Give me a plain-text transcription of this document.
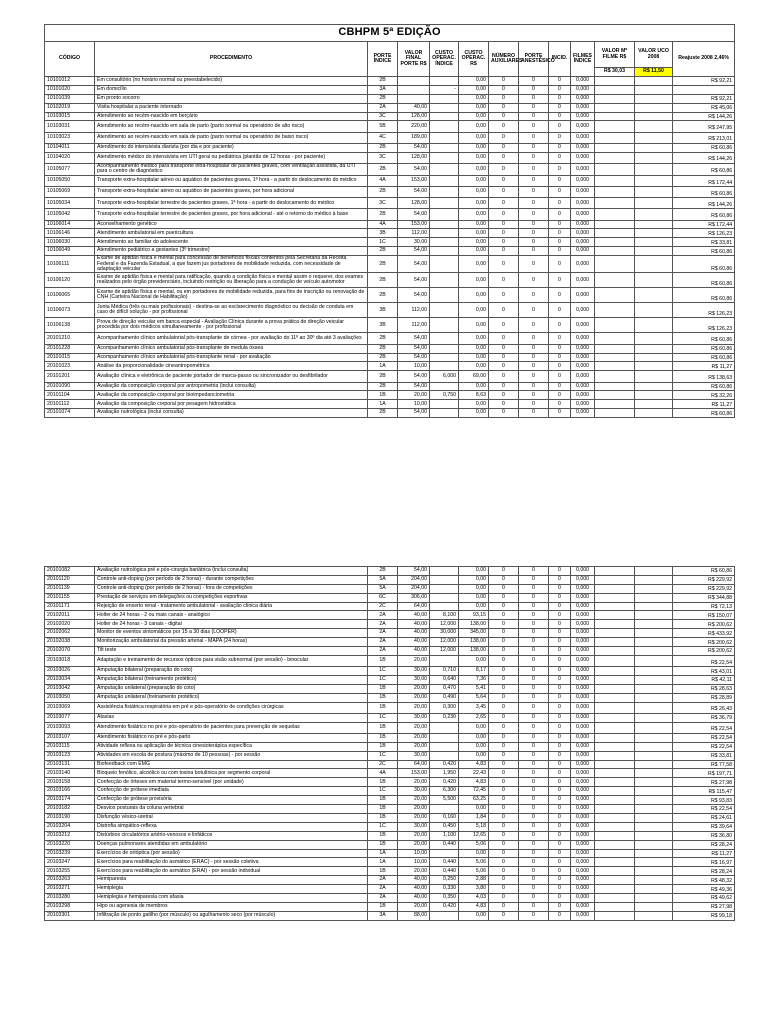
CBHPM 5ª EDIÇÃO												
CÓDIGO	PROCEDIMENTO	PORTE ÍNDICE	VALOR FINAL PORTE R$	CUSTO OPERAC. ÍNDICE	CUSTO OPERAC. R$	NÚMERO AUXILIARES	PORTE ANESTÉSICO	INCID.	FILMES ÍNDICE	VALOR Mº FILME R$	VALOR UCO 2008	Reajuste 2008 2,46%
										R$ 30,03	R$ 11,50	
10101012	Em consultório (no horário normal ou preestabelecido)	2B			0,00	0	0	0	0,000			R$ 92,21
10101020	Em domicílio	3A		-	0,00	0	0	0	0,000			
10101039	Em pronto socorro	2B			0,00	0	0	0	0,000			R$ 92,21
10102019	Visita hospitalar a paciente internado	2A	40,00		0,00	0	0	0	0,000			R$ 45,06
10103015	Atendimento ao recém-nascido em berçário	3C	128,00		0,00	0	0	0	0,000			R$ 144,26
10103031	Atendimento ao recém-nascido em sala de parto (parto normal ou operatório de alto risco)	5B	220,00		0,00	0	0	0	0,000			R$ 247,95
10103023	Atendimento ao recém-nascido em sala de parto (parto normal ou operatório de baixo risco)	4C	189,00		0,00	0	0	0	0,000			R$ 213,01
10104011	Atendimento do intensivista diarista (por dia e por paciente)	2B	54,00		0,00	0	0	0	0,000			R$ 60,86
10104020	Atendimento médico do intensivista em UTI geral ou pediátrica (plantão de 12 horas - por paciente)	3C	128,00		0,00	0	0	0	0,000			R$ 144,26
10105077	Acompanhamento médico para transporte intra-hospitalar de pacientes graves, com ventilação assistida, da UTI para o centro de diagnóstico	2B	54,00		0,00	0	0	0	0,000			R$ 60,86
10105050	Transporte extra-hospitalar aéreo ou aquático de pacientes graves, 1ª hora - a partir do deslocamento do médico	4A	153,00		0,00	0	0	0	0,000			R$ 172,44
10105069	Transporte extra-hospitalar aéreo ou aquático de pacientes graves, por hora adicional	2B	54,00		0,00	0	0	0	0,000			R$ 60,86
10105034	Transporte extra-hospitalar terrestre de pacientes graves, 1ª hora - a partir do deslocamento do médico	3C	128,00		0,00	0	0	0	0,000			R$ 144,26
10105042	Transporte extra-hospitalar terrestre de pacientes graves, por hora adicional - até o retorno do médico à base	2B	54,00		0,00	0	0	0	0,000			R$ 60,86
10106014	Aconselhamento genético	4A	153,00		0,00	0	0	0	0,000			R$ 172,44
10106146	Atendimento ambulatorial em puericultura	3B	112,00		0,00	0	0	0	0,000			R$ 126,23
10106030	Atendimento ao familiar do adolescente	1C	30,00		0,00	0	0	0	0,000			R$ 33,81
10106049	Atendimento pediátrico a gestantes (3º trimestre)	2B	54,00		0,00	0	0	0	0,000			R$ 60,86
10106111	Exame de aptidão física e mental para concessão de benefícios fiscais contentos pela Secretaria da Receita Federal e da Fazenda Estadual, a que fazem jus portadores de mobilidade reduzida, com necessidade de adaptação veicular	2B	54,00		0,00	0	0	0	0,000			R$ 60,86
10106120	Exame de aptidão física e mental para ratificação, quando a condição física e mental assim o requerer, dos exames realizados pelo órgão previdenciário, incluindo restrição ou liberação para a condução de veículo automotor	2B	54,00		0,00	0	0	0	0,000			R$ 60,86
10106065	Exame de aptidão física e mental, ou em portadores de mobilidade reduzida, para fins de inscrição ou renovação de CNH (Carteira Nacional de Habilitação)	2B	54,00		0,00	0	0	0	0,000			R$ 60,86
10106073	Junta Médica (três ou mais profissionais) - destina-se ao esclarecimento diagnóstico ou decisão de conduta em caso de difícil solução - por profissional	3B	112,00		0,00	0	0	0	0,000			R$ 126,23
10106138	Prova de direção veicular em banca especial - Avaliação Clínica durante a prova prática de direção veicular procedida por dois médicos simultaneamente - por profissional	3B	112,00		0,00	0	0	0	0,000			R$ 126,23
20101210	Acompanhamento clínico ambulatorial pós-transplante de córnea - por avaliação do 11º ao 30º dia até 3 avaliações	2B	54,00		0,00	0	0	0	0,000			R$ 60,86
20101228	Acompanhamento clínico ambulatorial pós-transplante de medula óssea	2B	54,00		0,00	0	0	0	0,000			R$ 60,86
20101015	Acompanhamento clínico ambulatorial pós-transplante renal - por avaliação	2B	54,00		0,00	0	0	0	0,000			R$ 60,86
20101023	Análise da proporcionalidade cineantropométrica	1A	10,00		0,00	0	0	0	0,000			R$ 11,27
20101201	Avaliação clínica e eletrônica de paciente portador de marca-passo ou sincronizador ou desfibrilador	2B	54,00	6,000	69,00	0	0	0	0,000			R$ 138,63
20101090	Avaliação da composição corporal por antropometria (inclui consulta)	2B	54,00		0,00	0	0	0	0,000			R$ 60,86
20101104	Avaliação da composição corporal por bioimpedanciometria	1B	20,00	0,750	8,63	0	0	0	0,000			R$ 32,26
20101112	Avaliação da composição corporal por pesagem hidrostática	1A	10,00		0,00	0	0	0	0,000			R$ 11,27
20101074	Avaliação nutrológica (inclui consulta)	2B	54,00		0,00	0	0	0	0,000			R$ 60,86
20101082	Avaliação nutrológica pré e pós-cirurgia bariátrica (inclui consulta)	2B	54,00		0,00	0	0	0	0,000			R$ 60,86
20101120	Controle anti-doping (por período de 2 horas) - durante competições	5A	204,00		0,00	0	0	0	0,000			R$ 229,92
20101139	Controle anti-doping (por período de 2 horas) - fora de competições	5A	204,00		0,00	0	0	0	0,000			R$ 229,92
20101155	Prestação de serviços em delegações ou competições esportivas	6C	306,00		0,00	0	0	0	0,000			R$ 344,88
20101171	Rejeição de enxerto renal - tratamento ambulatorial - avaliação clínica diária	2C	64,00		0,00	0	0	0	0,000			R$ 72,13
20102011	Holter de 24 horas - 2 ou mais canais - analógico	2A	40,00	8,100	93,15	0	0	0	0,000			R$ 150,07
20102020	Holter de 24 horas - 3 canais - digital	2A	40,00	12,000	138,00	0	0	0	0,000			R$ 200,62
20102062	Monitor de eventos sintomáticos por 15 a 30 dias (LOOPER)	2A	40,00	30,000	345,00	0	0	0	0,000			R$ 433,92
20102038	Monitorização ambulatorial da pressão arterial - MAPA (24 horas)	2A	40,00	12,000	138,00	0	0	0	0,000			R$ 200,62
20102070	Tilt teste	2A	40,00	12,000	138,00	0	0	0	0,000			R$ 200,62
20103018	Adaptação e treinamento de recursos ópticos para visão subnormal (por sessão) - binocular	1B	20,00		0,00	0	0	0	0,000			R$ 22,54
20103026	Amputação bilateral (preparação do coto)	1C	30,00	0,710	8,17	0	0	0	0,000			R$ 43,01
20103034	Amputação bilateral (treinamento protético)	1C	30,00	0,640	7,36	0	0	0	0,000			R$ 42,11
20103042	Amputação unilateral (preparação do coto)	1B	20,00	0,470	5,41	0	0	0	0,000			R$ 28,63
20103050	Amputação unilateral (treinamento protético)	1B	20,00	0,490	5,64	0	0	0	0,000			R$ 28,89
20103069	Assistência fisiátrica respiratória em pré e pós-operatório de condições cirúrgicas	1B	20,00	0,300	3,45	0	0	0	0,000			R$ 26,43
20103077	Ataxias	1C	30,00	0,230	2,65	0	0	0	0,000			R$ 36,79
20103093	Atendimento fisiátrico no pré e pós-operatório de pacientes para prevenção de sequelas	1B	20,00		0,00	0	0	0	0,000			R$ 22,54
20103107	Atendimento fisiátrico no pré e pós-parto	1B	20,00		0,00	0	0	0	0,000			R$ 22,54
20103115	Atividade reflexa ou aplicação de técnica cinesioterápica específica	1B	20,00		0,00	0	0	0	0,000			R$ 22,54
20103123	Atividades em escola de postura (máximo de 10 pessoas) - por sessão	1C	30,00		0,00	0	0	0	0,000			R$ 33,81
20103131	Biofeedback com EMG	2C	64,00	0,420	4,83	0	0	0	0,000			R$ 77,58
20103140	Bloqueio fenólico, alcoólico ou com toxina botulínica por segmento corporal	4A	153,00	1,950	22,43	0	0	0	0,000			R$ 197,71
20103158	Confecção de órteses em material termo-sensível (por unidade)	1B	20,00	0,420	4,83	0	0	0	0,000			R$ 27,98
20103166	Confecção de prótese imediata	1C	30,00	6,300	72,45	0	0	0	0,000			R$ 115,47
20103174	Confecção de prótese provisória	1B	20,00	5,500	63,25	0	0	0	0,000			R$ 93,83
20103182	Desvios posturais da coluna vertebral	1B	20,00		0,00	0	0	0	0,000			R$ 22,54
20103190	Disfunção vésico-uretral	1B	20,00	0,160	1,84	0	0	0	0,000			R$ 24,61
20103204	Distrofia simpático-reflexa	1C	30,00	0,450	5,18	0	0	0	0,000			R$ 39,64
20103212	Distúrbios circulatórios artério-venosos e linfáticos	1B	20,00	1,100	12,65	0	0	0	0,000			R$ 36,80
20103220	Doenças pulmonares atendidas em ambulatório	1B	20,00	0,440	5,06	0	0	0	0,000			R$ 28,24
20103239	Exercícios de ortóptica (por sessão)	1A	10,00		0,00	0	0	0	0,000			R$ 11,27
20103247	Exercícios para reabilitação do asmático (ERAC) - por sessão coletiva	1A	10,00	0,440	5,06	0	0	0	0,000			R$ 16,97
20103255	Exercícios para reabilitação do asmático (ERAI) - por sessão individual	1B	20,00	0,440	5,06	0	0	0	0,000			R$ 28,24
20103263	Hemiparesia	2A	40,00	0,250	2,88	0	0	0	0,000			R$ 48,32
20103271	Hemiplegia	2A	40,00	0,330	3,80	0	0	0	0,000			R$ 49,36
20103280	Hemiplegia e hemiparesia com afasia	2A	40,00	0,350	4,03	0	0	0	0,000			R$ 49,62
20103298	Hipo ou agenesia de membros	1B	20,00	0,420	4,83	0	0	0	0,000			R$ 27,98
20103301	Infiltração de ponto gatilho (por músculo) ou agulhamento seco (por músculo)	3A	88,00		0,00	0	0	0	0,000			R$ 99,18
